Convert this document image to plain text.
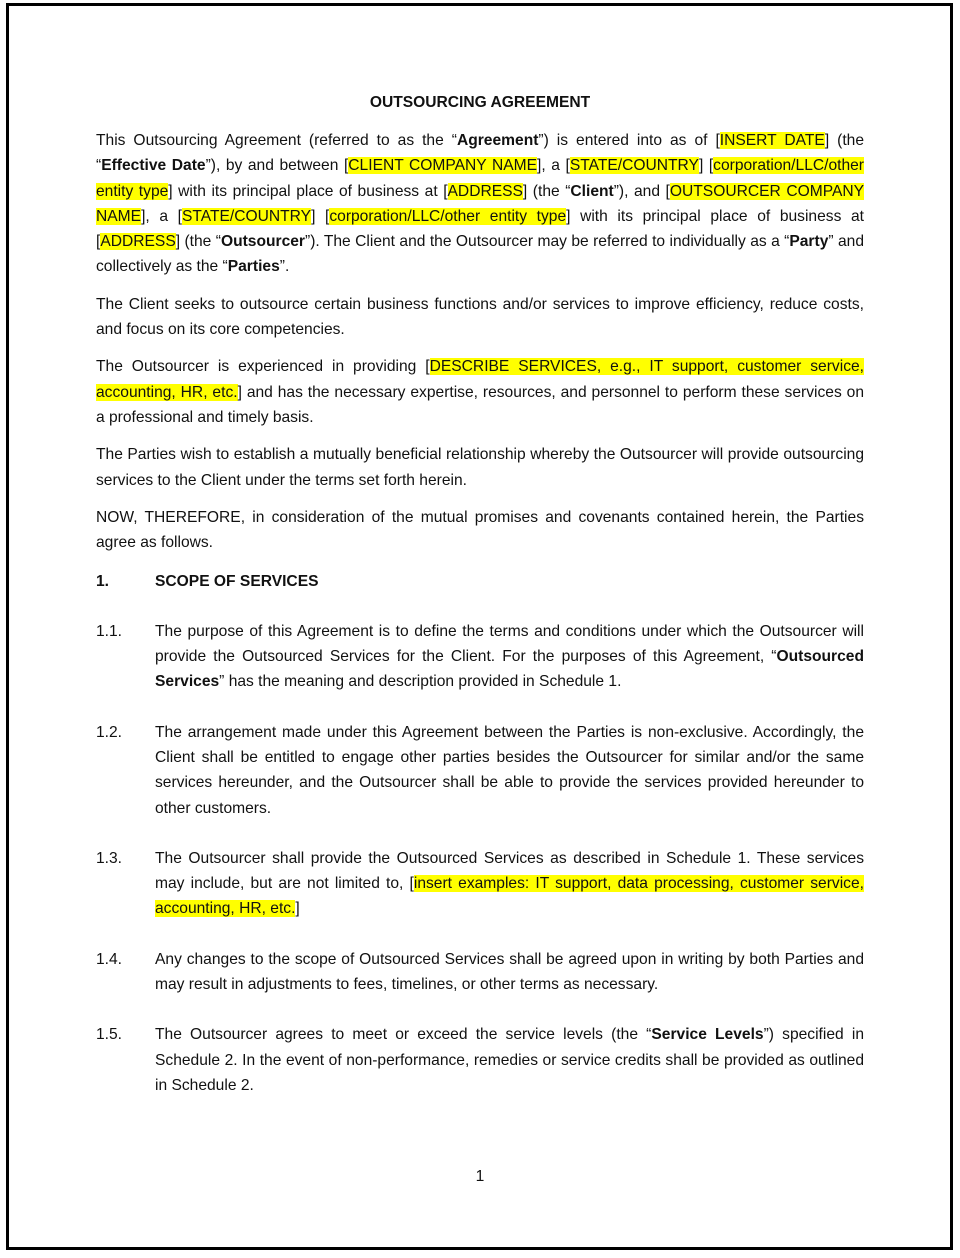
OUTSOURCING AGREEMENT

This Outsourcing Agreement (referred to as the “Agreement”) is entered into as of [INSERT DATE] (the “Effective Date”), by and between [CLIENT COMPANY NAME], a [STATE/COUNTRY] [corporation/LLC/other entity type] with its principal place of business at [ADDRESS] (the “Client”), and [OUTSOURCER COMPANY NAME], a [STATE/COUNTRY] [corporation/LLC/other entity type] with its principal place of business at [ADDRESS] (the “Outsourcer”). The Client and the Outsourcer may be referred to individually as a “Party” and collectively as the “Parties”.

The Client seeks to outsource certain business functions and/or services to improve efficiency, reduce costs, and focus on its core competencies.

The Outsourcer is experienced in providing [DESCRIBE SERVICES, e.g., IT support, customer service, accounting, HR, etc.] and has the necessary expertise, resources, and personnel to perform these services on a professional and timely basis.

The Parties wish to establish a mutually beneficial relationship whereby the Outsourcer will provide outsourcing services to the Client under the terms set forth herein.

NOW, THEREFORE, in consideration of the mutual promises and covenants contained herein, the Parties agree as follows.

1.	SCOPE OF SERVICES
1.1.	The purpose of this Agreement is to define the terms and conditions under which the Outsourcer will provide the Outsourced Services for the Client. For the purposes of this Agreement, “Outsourced Services” has the meaning and description provided in Schedule 1.
1.2.	The arrangement made under this Agreement between the Parties is non-exclusive. Accordingly, the Client shall be entitled to engage other parties besides the Outsourcer for similar and/or the same services hereunder, and the Outsourcer shall be able to provide the services provided hereunder to other customers.
1.3.	The Outsourcer shall provide the Outsourced Services as described in Schedule 1. These services may include, but are not limited to, [insert examples: IT support, data processing, customer service, accounting, HR, etc.]
1.4.	Any changes to the scope of Outsourced Services shall be agreed upon in writing by both Parties and may result in adjustments to fees, timelines, or other terms as necessary.
1.5.	The Outsourcer agrees to meet or exceed the service levels (the “Service Levels”) specified in Schedule 2. In the event of non-performance, remedies or service credits shall be provided as outlined in Schedule 2.
1
